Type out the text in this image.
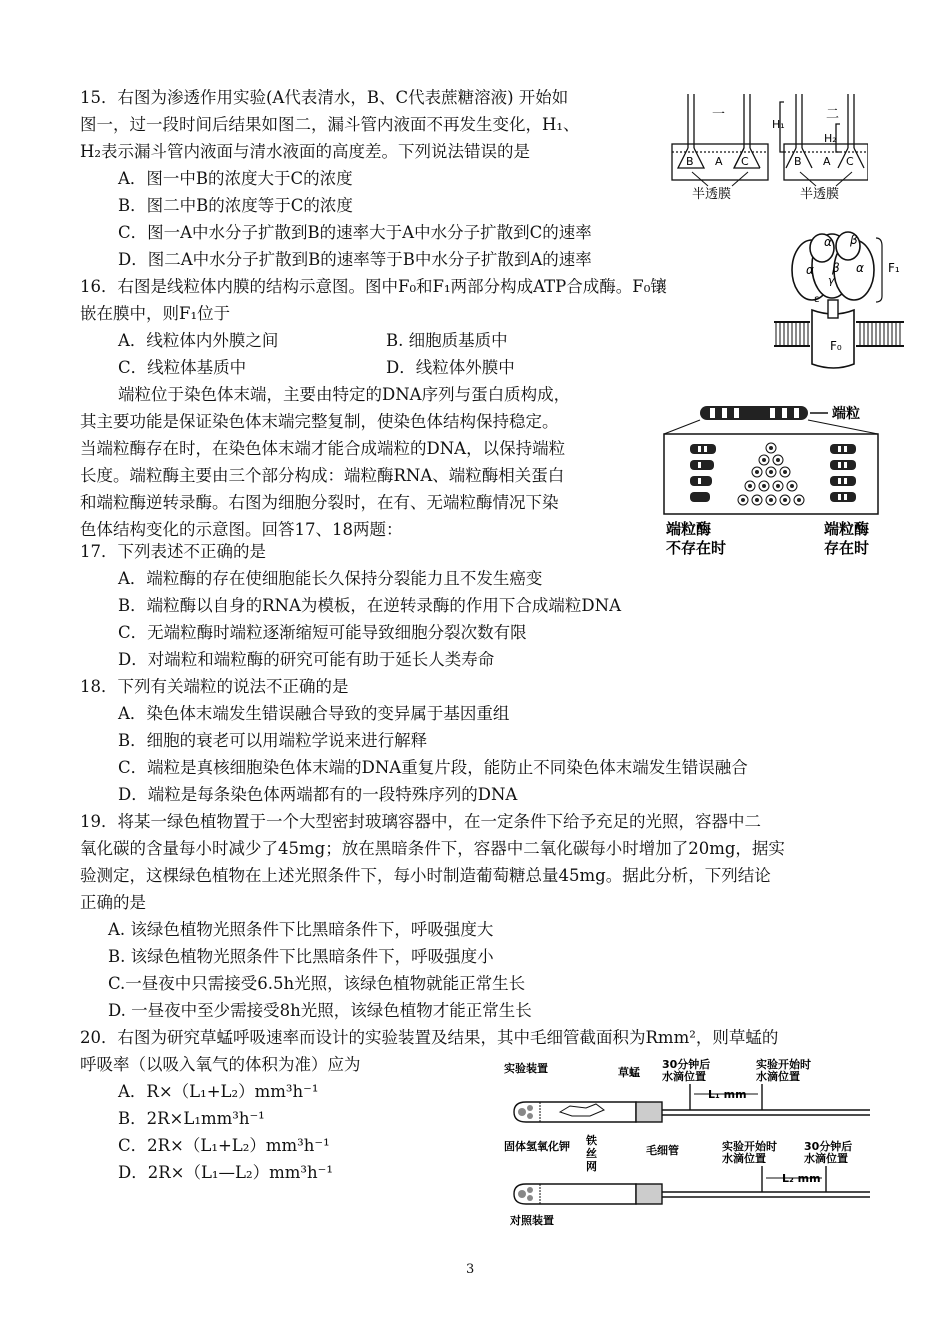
15．右图为渗透作用实验(A代表清水，B、C代表蔗糖溶液) 开始如
图一，过一段时间后结果如图二，漏斗管内液面不再发生变化，H₁、
H₂表示漏斗管内液面与清水液面的高度差。下列说法错误的是
A．图一中B的浓度大于C的浓度
B．图二中B的浓度等于C的浓度
C．图一A中水分子扩散到B的速率大于A中水分子扩散到C的速率
D．图二A中水分子扩散到B的速率等于B中水分子扩散到A的速率
一
B A C
半透膜
H₁
H₂
二
B A C
半透膜
16．右图是线粒体内膜的结构示意图。图中F₀和F₁两部分构成ATP合成酶。F₀镶
嵌在膜中，则F₁位于
A．线粒体内外膜之间	B. 细胞质基质中
C．线粒体基质中	D．线粒体外膜中
α β
α β α
γ
ε
F₁
F₀
端粒位于染色体末端，主要由特定的DNA序列与蛋白质构成，
其主要功能是保证染色体末端完整复制，使染色体结构保持稳定。
当端粒酶存在时，在染色体末端才能合成端粒的DNA，以保持端粒
长度。端粒酶主要由三个部分构成：端粒酶RNA、端粒酶相关蛋白
和端粒酶逆转录酶。右图为细胞分裂时，在有、无端粒酶情况下染
色体结构变化的示意图。回答17、18两题：
端粒
端粒酶
不存在时
端粒酶
存在时
17．下列表述不正确的是
A．端粒酶的存在使细胞能长久保持分裂能力且不发生癌变
B．端粒酶以自身的RNA为模板，在逆转录酶的作用下合成端粒DNA
C．无端粒酶时端粒逐渐缩短可能导致细胞分裂次数有限
D．对端粒和端粒酶的研究可能有助于延长人类寿命
18．下列有关端粒的说法不正确的是
A．染色体末端发生错误融合导致的变异属于基因重组
B．细胞的衰老可以用端粒学说来进行解释
C．端粒是真核细胞染色体末端的DNA重复片段，能防止不同染色体末端发生错误融合
D．端粒是每条染色体两端都有的一段特殊序列的DNA
19．将某一绿色植物置于一个大型密封玻璃容器中，在一定条件下给予充足的光照，容器中二
氧化碳的含量每小时减少了45mg；放在黑暗条件下，容器中二氧化碳每小时增加了20mg，据实
验测定，这棵绿色植物在上述光照条件下，每小时制造葡萄糖总量45mg。据此分析，下列结论
正确的是
A. 该绿色植物光照条件下比黑暗条件下，呼吸强度大
B. 该绿色植物光照条件下比黑暗条件下，呼吸强度小
C.一昼夜中只需接受6.5h光照，该绿色植物就能正常生长
D. 一昼夜中至少需接受8h光照，该绿色植物才能正常生长
20．右图为研究草蜢呼吸速率而设计的实验装置及结果，其中毛细管截面积为Rmm²，则草蜢的
呼吸率（以吸入氧气的体积为准）应为
A．R×（L₁+L₂）mm³h⁻¹
B．2R×L₁mm³h⁻¹
C．2R×（L₁+L₂）mm³h⁻¹
D．2R×（L₁—L₂）mm³h⁻¹
实验装置	草蜢
30分钟后
水滴位置
实验开始时
水滴位置
L₁ mm
固体氢氧化钾 铁
丝
网
毛细管	实验开始时
水滴位置
30分钟后
水滴位置
L₂ mm
对照装置
3
